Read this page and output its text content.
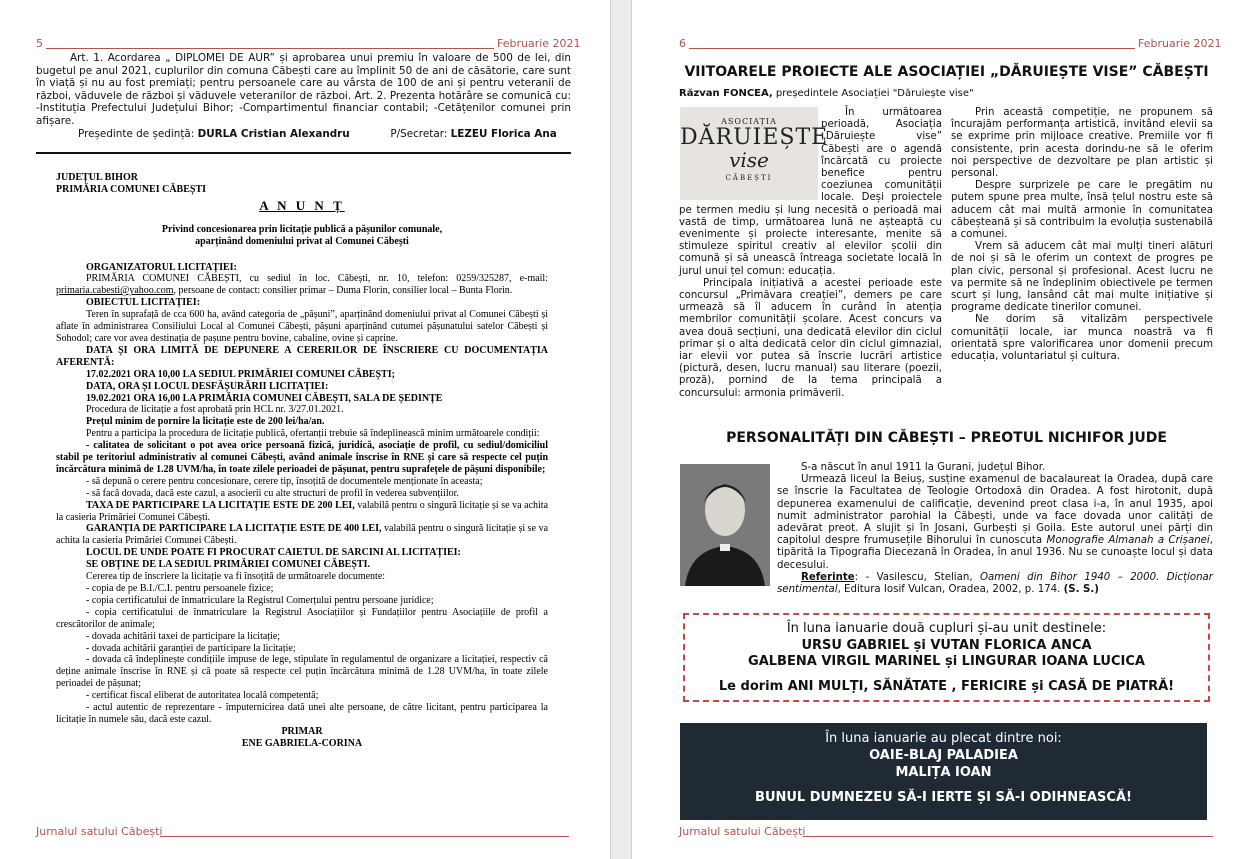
5	Februarie 2021

Art. 1. Acordarea „ DIPLOMEI DE AUR” și aprobarea unui premiu în valoare de 500 de lei, din bugetul pe anul 2021, cuplurilor din comuna Căbești care au împlinit 50 de ani de căsătorie, care sunt în viață și nu au fost premiați; pentru persoanele care au vârsta de 100 de ani și pentru veteranii de război, văduvele de război și văduvele veteranilor de război. Art. 2. Prezenta hotărâre se comunică cu: -Instituția Prefectului Județului Bihor; -Compartimentul financiar contabil; -Cetățenilor comunei prin afișare.

Președinte de ședință: DURLA Cristian Alexandru	P/Secretar: LEZEU Florica Ana
JUDEȚUL BIHOR
PRIMĂRIA COMUNEI CĂBEȘTI
A N U N Ț
Privind concesionarea prin licitație publică a pășunilor comunale,
aparținând domeniului privat al Comunei Căbești
ORGANIZATORUL LICITAȚIEI:
PRIMĂRIA COMUNEI CĂBEȘTI, cu sediul în loc. Căbești, nr. 10, telefon: 0259/325287, e-mail: primaria.cabesti@yahoo.com, persoane de contact: consilier primar – Duma Florin, consilier local – Bunta Florin.
OBIECTUL LICITAȚIEI:
Teren în suprafață de cca 600 ha, având categoria de „pășuni”, aparținând domeniului privat al Comunei Căbești și aflate în administrarea Consiliului Local al Comunei Căbești, pășuni aparținând cutumei pășunatului satelor Căbești și Sohodol; care vor avea destinația de pașune pentru bovine, cabaline, ovine și caprine.
DATA ȘI ORA LIMITĂ DE DEPUNERE A CERERILOR DE ÎNSCRIERE CU DOCUMENTAȚIA AFERENTĂ:
17.02.2021 ORA 10,00 LA SEDIUL PRIMĂRIEI COMUNEI CĂBEȘTI;
DATA, ORA ȘI LOCUL DESFĂȘURĂRII LICITAȚIEI:
19.02.2021 ORA 16,00 LA PRIMĂRIA COMUNEI CĂBEȘTI, SALA DE ȘEDINȚE
Procedura de licitație a fost aprobată prin HCL nr. 3/27.01.2021.
Prețul minim de pornire la licitație este de 200 lei/ha/an.
Pentru a participa la procedura de licitație publică, ofertanții trebuie să îndeplinească minim următoarele condiții:
- calitatea de solicitant o pot avea orice persoană fizică, juridică, asociație de profil, cu sediul/domiciliul stabil pe teritoriul administrativ al comunei Căbești, având animale înscrise în RNE și care să respecte cel puțin încărcătura minimă de 1.28 UVM/ha, în toate zilele perioadei de pășunat, pentru suprafețele de pășuni disponibile;
- să depună o cerere pentru concesionare, cerere tip, însoțită de documentele menționate în aceasta;
- să facă dovada, dacă este cazul, a asocierii cu alte structuri de profil în vederea subvențiilor.
TAXA DE PARTICIPARE LA LICITAȚIE ESTE DE 200 LEI, valabilă pentru o singură licitație și se va achita la casieria Primăriei Comunei Căbești.
GARANȚIA DE PARTICIPARE LA LICITAȚIE ESTE DE 400 LEI, valabilă pentru o singură licitație și se va achita la casieria Primăriei Comunei Căbești.
LOCUL DE UNDE POATE FI PROCURAT CAIETUL DE SARCINI AL LICITAȚIEI:
SE OBȚINE DE LA SEDIUL PRIMĂRIEI COMUNEI CĂBEȘTI.
Cererea tip de înscriere la licitație va fi însoțită de următoarele documente:
- copia de pe B.I./C.I. pentru persoanele fizice;
- copia certificatului de înmatriculare la Registrul Comerțului pentru persoane juridice;
- copia certificatului de înmatriculare la Registrul Asociațiilor și Fundațiilor pentru Asociațiile de profil a crescătorilor de animale;
- dovada achitării taxei de participare la licitație;
- dovada achitării garanției de participare la licitație;
- dovada că îndeplinește condițiile impuse de lege, stipulate în regulamentul de organizare a licitației, respectiv că deține animale înscrise în RNE și că poate să respecte cel puțin încărcătura minimă de 1.28 UVM/ha, în toate zilele perioadei de pășunat;
- certificat fiscal eliberat de autoritatea locală competentă;
- actul autentic de reprezentare - împuternicirea dată unei alte persoane, de către licitant, pentru participarea la licitație în numele său, dacă este cazul.
PRIMAR
ENE GABRIELA-CORINA
Jurnalul satului Căbești
6	Februarie 2021
VIITOARELE PROIECTE ALE ASOCIAȚIEI „DĂRUIEȘTE VISE” CĂBEȘTI
Răzvan FONCEA, președintele Asociației "Dăruiește vise"
ASOCIAȚIA
DĂRUIEȘTE
vise
CĂBEȘTI

În următoarea perioadă, Asociația „Dăruiește vise” Căbești are o agendă încărcată cu proiecte benefice pentru coeziunea comunității locale. Deși proiectele pe termen mediu și lung necesită o perioadă mai vastă de timp, următoarea lună ne așteaptă cu evenimente și proiecte interesante, menite să stimuleze spiritul creativ al elevilor școlii din comună și să unească întreaga societate locală în jurul unui țel comun: educația.

Principala inițiativă a acestei perioade este concursul „Primăvara creației”, demers pe care urmează să îl aducem în curând în atenția membrilor comunității școlare. Acest concurs va avea două secțiuni, una dedicată elevilor din ciclul primar și o alta dedicată celor din ciclul gimnazial, iar elevii vor putea să înscrie lucrări artistice (pictură, desen, lucru manual) sau literare (poezii, proză), pornind de la tema principală a concursului: armonia primăverii.

Prin această competiție, ne propunem să încurajăm performanța artistică, invitând elevii sa se exprime prin mijloace creative. Premiile vor fi consistente, prin acesta dorindu-ne să le oferim noi perspective de dezvoltare pe plan artistic și personal.

Despre surprizele pe care le pregătim nu putem spune prea multe, însă țelul nostru este să aducem cât mai multă armonie în comunitatea căbeșteană și să contribuim la evoluția sustenabilă a comunei.

Vrem să aducem cât mai mulți tineri alături de noi și să le oferim un context de progres pe plan civic, personal și profesional. Acest lucru ne va permite să ne îndeplinim obiectivele pe termen scurt și lung, lansând cât mai multe inițiative și programe dedicate tinerilor comunei.

Ne dorim să vitalizăm perspectivele comunității locale, iar munca noastră va fi orientată spre valorificarea unor domenii precum educația, voluntariatul și cultura.

PERSONALITĂȚI DIN CĂBEȘTI – PREOTUL NICHIFOR JUDE

S-a născut în anul 1911 la Gurani, județul Bihor.

Urmează liceul la Beiuș, susține examenul de bacalaureat la Oradea, după care se înscrie la Facultatea de Teologie Ortodoxă din Oradea. A fost hirotonit, după depunerea examenului de calificație, devenind preot clasa i-a, în anul 1935, apoi numit administrator parohial la Căbești, unde va face dovada unor calități de adevărat preot. A slujit și în Josani, Gurbești și Goila. Este autorul unei părți din capitolul despre frumusețile Bihorului în cunoscuta Monografie Almanah a Crișanei, tipărită la Tipografia Diecezană în Oradea, în anul 1936. Nu se cunoaște locul și data decesului.

Referinte: - Vasilescu, Stelian, Oameni din Bihor 1940 – 2000. Dicționar sentimental, Editura Iosif Vulcan, Oradea, 2002, p. 174. (S. S.)

În luna ianuarie două cupluri și-au unit destinele:
URSU GABRIEL și VUTAN FLORICA ANCA
GALBENA VIRGIL MARINEL și LINGURAR IOANA LUCICA
Le dorim ANI MULȚI, SĂNĂTATE , FERICIRE și CASĂ DE PIATRĂ!
În luna ianuarie au plecat dintre noi:
OAIE-BLAJ PALADIEA
MALIȚA IOAN
BUNUL DUMNEZEU SĂ-I IERTE ȘI SĂ-I ODIHNEASCĂ!
Jurnalul satului Căbești
